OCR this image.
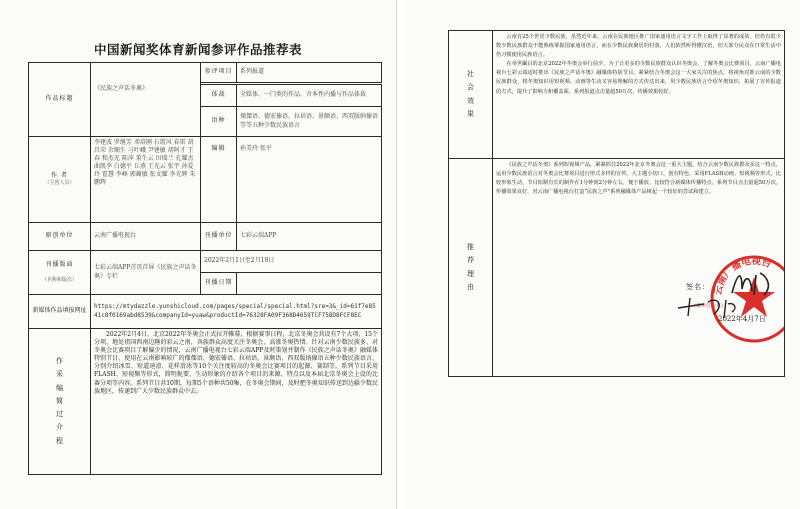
中国新闻奖体育新闻参评作品推荐表
作品标题	《民族之声话冬奥》	参评项目	系列报道

		体裁	全媒体、一门类的作品、含本性内播与作品体裁
		语种	傈僳语、德宏傣语、拉祜语、景颇语、西双版纳傣语等等五种少数民族语言
作 者
（主创人员）	李建波 罗继芳 邓培刚 石霞风 春雷 胡昌荣 余顺生 刁叶峨 尹建敏 胡阿才 王春 和杰光 陈萍 董生云 田瑞兰 孔耀杰 曲凯李 白德平 丘燕 王光云 张宇 孙爱玲 霍慧 李峰 郭蔺敏 张文耀 李光辉 朱鹏辉	编辑	孙美玲 张平
原创单位	云南广播电视台	刊播单位	七彩云端APP
刊播版面
（名称和版次）	七彩云端APP首页首屏《民族之声话冬奥》专栏	2022年2月1日至2月10日	
		刊播日期	
新媒体作品填报网址	https://mtydazzle.yunshicloud.com/pages/special/special.html?sre=3&_id=61f7e8541c8f0169abd8539&companyId=yuaw&productId=76328FA09F368D4659TCF758D8FCF8EC		

作采编简过介程	2022年2月4日，北京2022年冬奥会正式拉开帷幕，根据赛事日程，北京冬奥会共设有7个大项、15个分项，地处祖国西南边陲的彩云之南，各族群众高度关注冬奥会，高涨冬奥热情。针对云南少数民族多、对冬奥会比赛项目了解偏少的情况，云南广播电视台七彩云端APP及时策划并制作《民族之声话冬奥》融媒体特别节目，使用在云南影响较广的傈僳语、德宏傣语、拉祜语、景颇语、西双版纳傣语五种少数民族语言，分别介绍冰雪、短道速滑、花样滑冰等10个关注度较高的冬奥会比赛项目的起源、赛制等。系列节目采用FLASH、短视频等形式，简明扼要、生动形象的介绍各个项目的来源、特点以及本届北京冬奥会上设的比赛分项等内容。系列节目共10期，每期5个语种共50集，在冬奥会期间，及时把冬奥知识传送到边疆少数民族地区，传递到广大少数民族群众中去。		
社会效果	云南有25个世居少数民族，虽然近年来，云南在民族地区推广国家通用语言文字工作上取得了显著的成效，但仍有很少数少数民族群众不能熟练掌握国家通用语言，而在少数民族聚居的村落，人们依然听得懂汉语，但大部分民众在日常生活中仍习惯使用民族语言。
在举世瞩目的北京2022年冬奥会举行前夕，为了让更多的少数民族群众认识冬奥会，了解冬奥会比赛项目，云南广播电视台七彩云端适时推出《民族之声话冬奥》融媒体特别节目。紧紧结合冬奥会这一大家关注的焦点，将视角对准云南的少数民族群众，将冬奥知识用短视频、动画等生动又容易理解的方式传达出来，用少数民族语言介绍冬奥知识，拓展了宣传报道的方式，提升了影响力和覆盖面。系列报道点击量超50万次，传播效果较好。

推荐理由	《民族之声话冬奥》系列短视频产品，紧紧抓住2022年北京冬奥会这一重大主题，结合云南少数民族群众多这一特点，运用少数民族语言对冬奥会比赛项目进行形式多样的宣传。大主题小切口、创有特色，采用FLASH动画、短视频等形式，比较形象生动，节目短制有长的制作在1分钟到2分钟左右，便于播放，比较符合新媒体传播特点。系列节目点击量超50万次，传播效果良好，对云南广播电视台打造“民族之声”系列融媒体产品树起一个较好的尝试和建立。
云南广播电视台
签名：
(盖单位公章)
2022年4月7日
